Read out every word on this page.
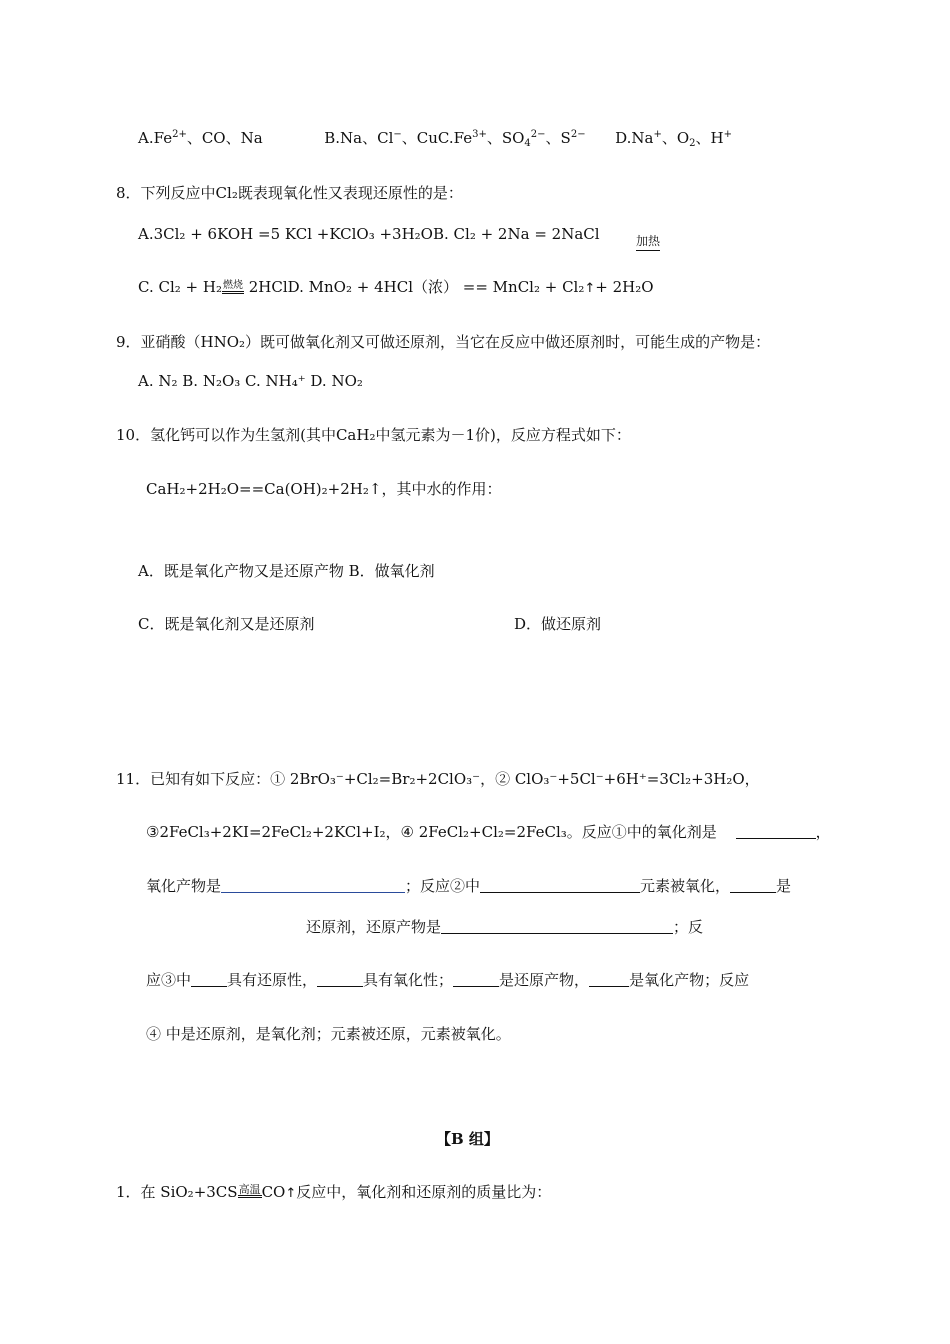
$A.Fe^{2+}$、CO、Na	B.Na、Cl−、$CuC.Fe^{3+}$、$SO_4^{2-}$、$S^{2-}$ D.Na+、$O_2$、H+
8．下列反应中Cl₂既表现氧化性又表现还原性的是：
A.3Cl₂ + 6KOH =5 KCl +KClO₃ +3H₂OB. Cl₂ + 2Na = 2NaCl	加热
C. Cl₂ + H₂燃烧 2HClD. MnO₂ + 4HCl（浓） == MnCl₂ + Cl₂↑+ 2H₂O
9．亚硝酸（HNO₂）既可做氧化剂又可做还原剂，当它在反应中做还原剂时，可能生成的产物是：
A. N₂ B. N₂O₃ C. NH₄⁺ D. NO₂
10．氢化钙可以作为生氢剂(其中CaH₂中氢元素为－1价)，反应方程式如下：
CaH₂+2H₂O==Ca(OH)₂+2H₂↑，其中水的作用：
A．既是氧化产物又是还原产物 B．做氧化剂
C．既是氧化剂又是还原剂	D．做还原剂
11．已知有如下反应：① 2BrO₃⁻+Cl₂=Br₂+2ClO₃⁻，② ClO₃⁻+5Cl⁻+6H⁺=3Cl₂+3H₂O，
③2FeCl₃+2KI=2FeCl₂+2KCl+I₂，④ 2FeCl₂+Cl₂=2FeCl₃。反应①中的氧化剂是	，
氧化产物是	；反应②中	元素被氧化，	是
还原剂，还原产物是	；反
应③中 具有还原性，	具有氧化性；	是还原产物，	是氧化产物；反应
④ 中是还原剂，是氧化剂；元素被还原，元素被氧化。
【B 组】
1．在 SiO₂+3CS高温CO↑反应中，氧化剂和还原剂的质量比为：
